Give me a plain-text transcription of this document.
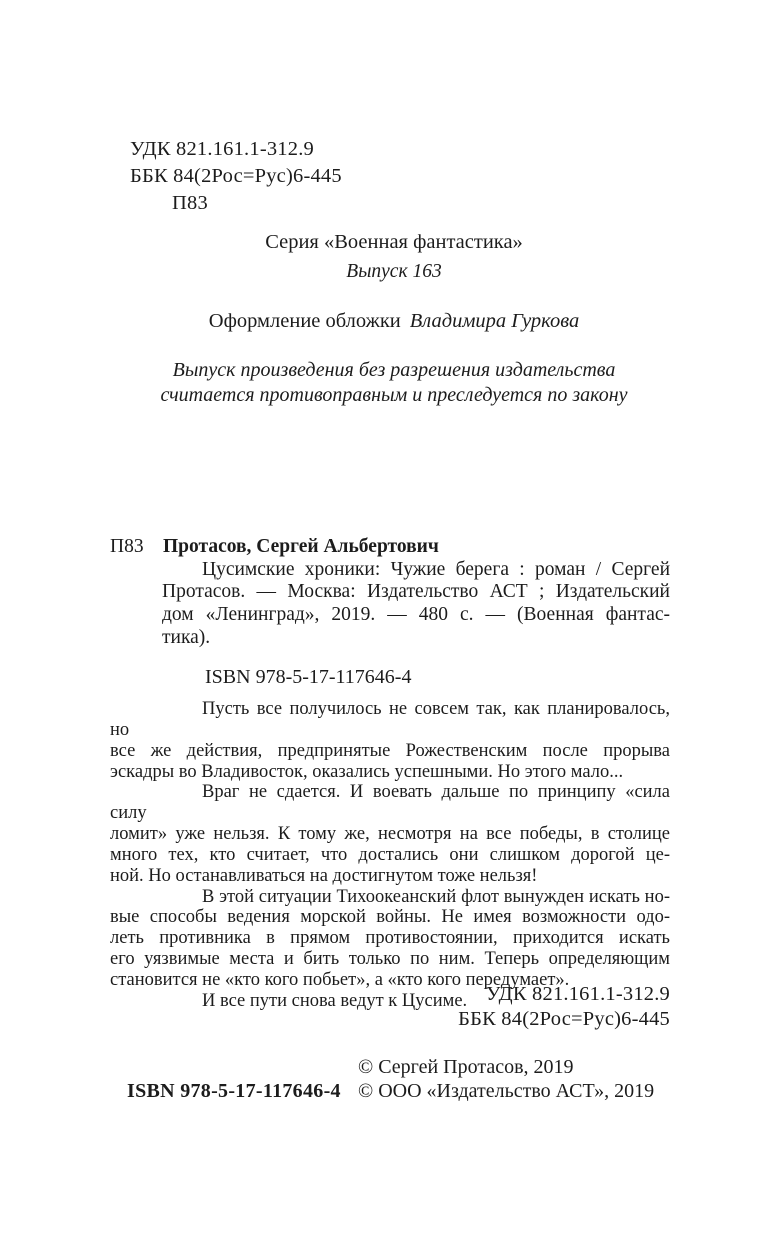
УДК 821.161.1-312.9
ББК 84(2Рос=Рус)6-445
П83
Серия «Военная фантастика»
Выпуск 163
Оформление обложки Владимира Гуркова
Выпуск произведения без разрешения издательства
считается противоправным и преследуется по закону
П83 Протасов, Сергей Альбертович
Цусимские хроники: Чужие берега : роман / Сергей
Протасов. — Москва: Издательство АСТ ; Издательский
дом «Ленинград», 2019. — 480 с. — (Военная фантас-
тика).
ISBN 978-5-17-117646-4
Пусть все получилось не совсем так, как планировалось, но
все же действия, предпринятые Рожественским после прорыва
эскадры во Владивосток, оказались успешными. Но этого мало...
Враг не сдается. И воевать дальше по принципу «сила силу
ломит» уже нельзя. К тому же, несмотря на все победы, в столице
много тех, кто считает, что достались они слишком дорогой це-
ной. Но останавливаться на достигнутом тоже нельзя!
В этой ситуации Тихоокеанский флот вынужден искать но-
вые способы ведения морской войны. Не имея возможности одо-
леть противника в прямом противостоянии, приходится искать
его уязвимые места и бить только по ним. Теперь определяющим
становится не «кто кого побьет», а «кто кого передумает».
И все пути снова ведут к Цусиме. УДК 821.161.1-312.9
ББК 84(2Рос=Рус)6-445
ISBN 978-5-17-117646-4
© Сергей Протасов, 2019
© ООО «Издательство АСТ», 2019
